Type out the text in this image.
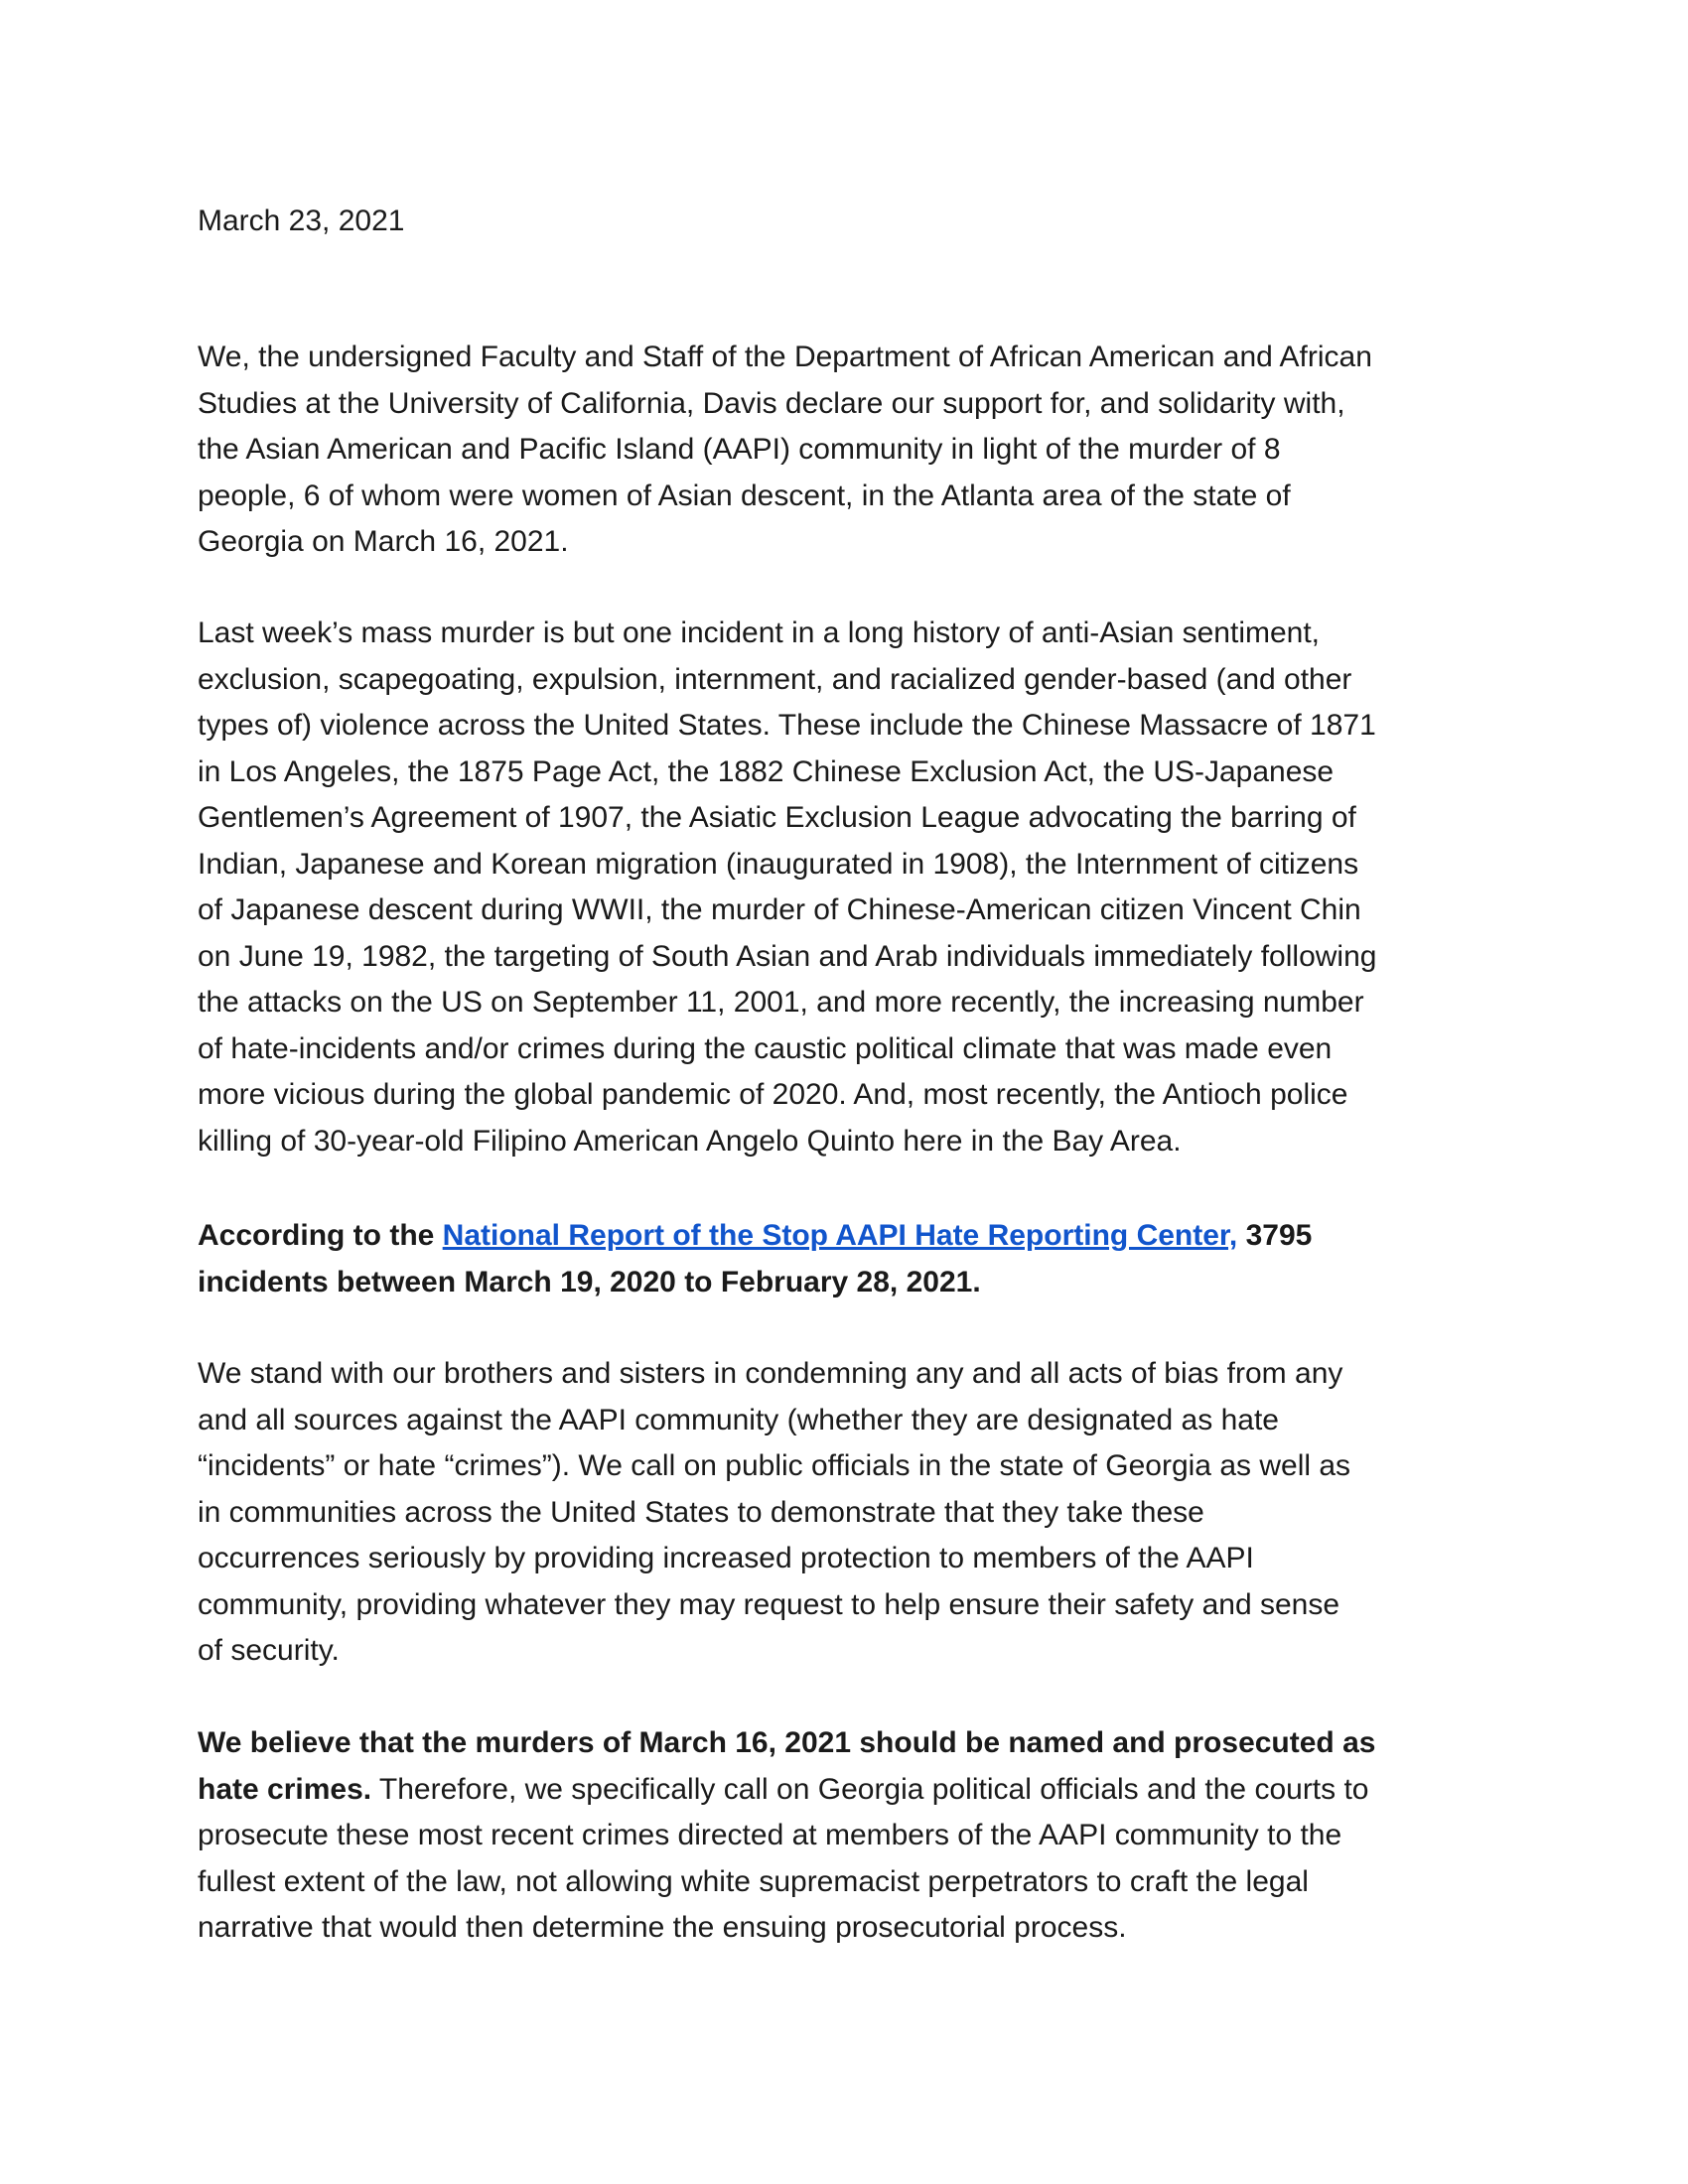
March 23, 2021

We, the undersigned Faculty and Staff of the Department of African American and African
Studies at the University of California, Davis declare our support for, and solidarity with,
the Asian American and Pacific Island (AAPI) community in light of the murder of 8
people, 6 of whom were women of Asian descent, in the Atlanta area of the state of
Georgia on March 16, 2021.

Last week’s mass murder is but one incident in a long history of anti-Asian sentiment,
exclusion, scapegoating, expulsion, internment, and racialized gender-based (and other
types of) violence across the United States. These include the Chinese Massacre of 1871
in Los Angeles, the 1875 Page Act, the 1882 Chinese Exclusion Act, the US-Japanese
Gentlemen’s Agreement of 1907, the Asiatic Exclusion League advocating the barring of
Indian, Japanese and Korean migration (inaugurated in 1908), the Internment of citizens
of Japanese descent during WWII, the murder of Chinese-American citizen Vincent Chin
on June 19, 1982, the targeting of South Asian and Arab individuals immediately following
the attacks on the US on September 11, 2001, and more recently, the increasing number
of hate-incidents and/or crimes during the caustic political climate that was made even
more vicious during the global pandemic of 2020. And, most recently, the Antioch police
killing of 30-year-old Filipino American Angelo Quinto here in the Bay Area.

According to the National Report of the Stop AAPI Hate Reporting Center, 3795
incidents between March 19, 2020 to February 28, 2021.

We stand with our brothers and sisters in condemning any and all acts of bias from any
and all sources against the AAPI community (whether they are designated as hate
“incidents” or hate “crimes”). We call on public officials in the state of Georgia as well as
in communities across the United States to demonstrate that they take these
occurrences seriously by providing increased protection to members of the AAPI
community, providing whatever they may request to help ensure their safety and sense
of security.

We believe that the murders of March 16, 2021 should be named and prosecuted as
hate crimes. Therefore, we specifically call on Georgia political officials and the courts to
prosecute these most recent crimes directed at members of the AAPI community to the
fullest extent of the law, not allowing white supremacist perpetrators to craft the legal
narrative that would then determine the ensuing prosecutorial process.
